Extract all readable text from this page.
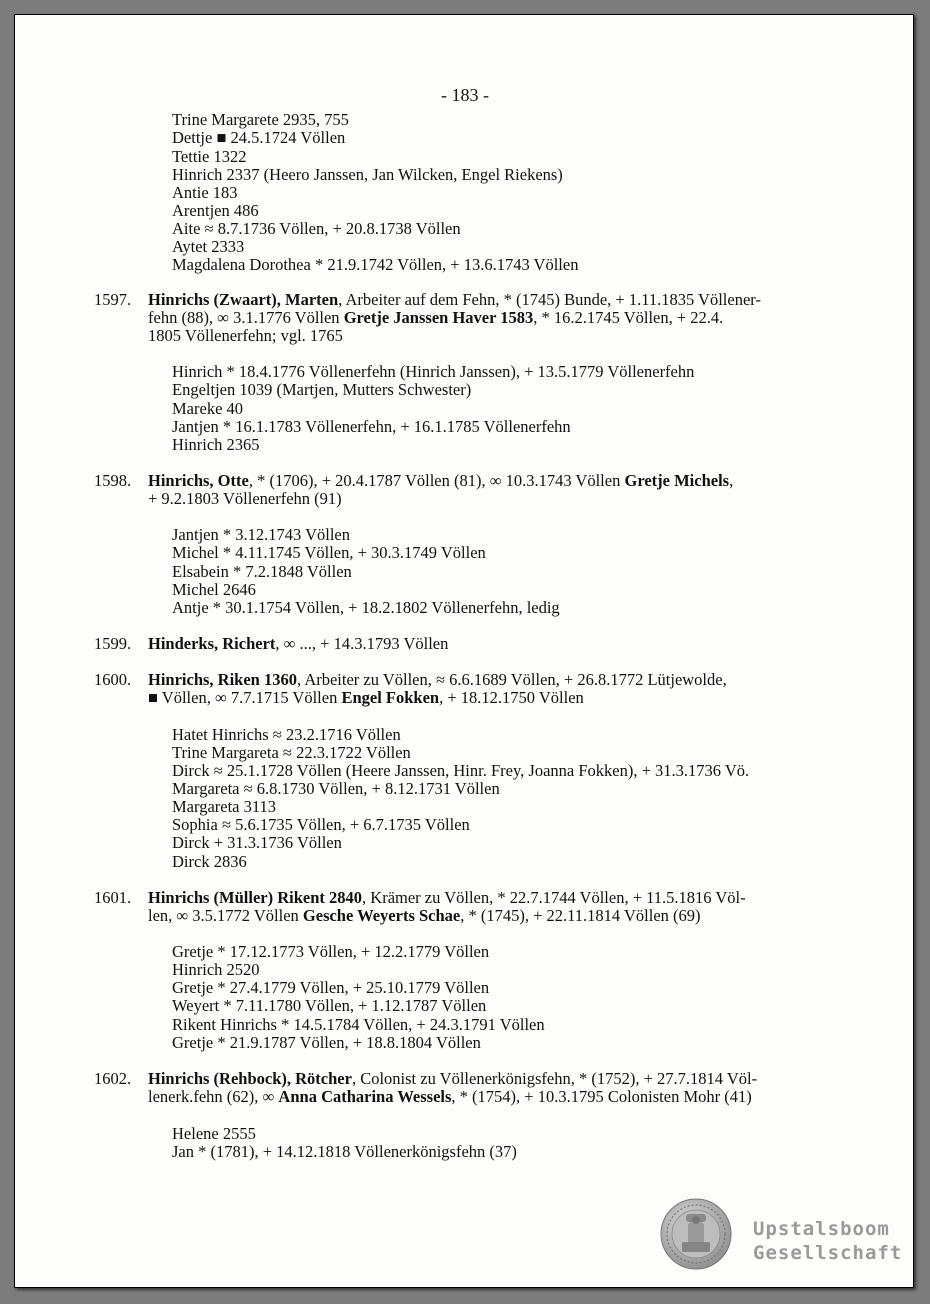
- 183 -
Trine Margarete 2935, 755
Dettje ■ 24.5.1724 Völlen
Tettie 1322
Hinrich 2337 (Heero Janssen, Jan Wilcken, Engel Riekens)
Antie 183
Arentjen 486
Aite ≈ 8.7.1736 Völlen, + 20.8.1738 Völlen
Aytet 2333
Magdalena Dorothea * 21.9.1742 Völlen, + 13.6.1743 Völlen
1597. Hinrichs (Zwaart), Marten, Arbeiter auf dem Fehn, * (1745) Bunde, + 1.11.1835 Völlener-
fehn (88), ∞ 3.1.1776 Völlen Gretje Janssen Haver 1583, * 16.2.1745 Völlen, + 22.4.
1805 Völlenerfehn; vgl. 1765
Hinrich * 18.4.1776 Völlenerfehn (Hinrich Janssen), + 13.5.1779 Völlenerfehn
Engeltjen 1039 (Martjen, Mutters Schwester)
Mareke 40
Jantjen * 16.1.1783 Völlenerfehn, + 16.1.1785 Völlenerfehn
Hinrich 2365
1598. Hinrichs, Otte, * (1706), + 20.4.1787 Völlen (81), ∞ 10.3.1743 Völlen Gretje Michels,
+ 9.2.1803 Völlenerfehn (91)
Jantjen * 3.12.1743 Völlen
Michel * 4.11.1745 Völlen, + 30.3.1749 Völlen
Elsabein * 7.2.1848 Völlen
Michel 2646
Antje * 30.1.1754 Völlen, + 18.2.1802 Völlenerfehn, ledig
1599. Hinderks, Richert, ∞ ..., + 14.3.1793 Völlen
1600. Hinrichs, Riken 1360, Arbeiter zu Völlen, ≈ 6.6.1689 Völlen, + 26.8.1772 Lütjewolde,
■ Völlen, ∞ 7.7.1715 Völlen Engel Fokken, + 18.12.1750 Völlen
Hatet Hinrichs ≈ 23.2.1716 Völlen
Trine Margareta ≈ 22.3.1722 Völlen
Dirck ≈ 25.1.1728 Völlen (Heere Janssen, Hinr. Frey, Joanna Fokken), + 31.3.1736 Vö.
Margareta ≈ 6.8.1730 Völlen, + 8.12.1731 Völlen
Margareta 3113
Sophia ≈ 5.6.1735 Völlen, + 6.7.1735 Völlen
Dirck + 31.3.1736 Völlen
Dirck 2836
1601. Hinrichs (Müller) Rikent 2840, Krämer zu Völlen, * 22.7.1744 Völlen, + 11.5.1816 Völ-
len, ∞ 3.5.1772 Völlen Gesche Weyerts Schae, * (1745), + 22.11.1814 Völlen (69)
Gretje * 17.12.1773 Völlen, + 12.2.1779 Völlen
Hinrich 2520
Gretje * 27.4.1779 Völlen, + 25.10.1779 Völlen
Weyert * 7.11.1780 Völlen, + 1.12.1787 Völlen
Rikent Hinrichs * 14.5.1784 Völlen, + 24.3.1791 Völlen
Gretje * 21.9.1787 Völlen, + 18.8.1804 Völlen
1602. Hinrichs (Rehbock), Rötcher, Colonist zu Völlenerkönigsfehn, * (1752), + 27.7.1814 Völ-
lenerk.fehn (62), ∞ Anna Catharina Wessels, * (1754), + 10.3.1795 Colonisten Mohr (41)
Helene 2555
Jan * (1781), + 14.12.1818 Völlenerkönigsfehn (37)
Upstalsboom
Gesellschaft
